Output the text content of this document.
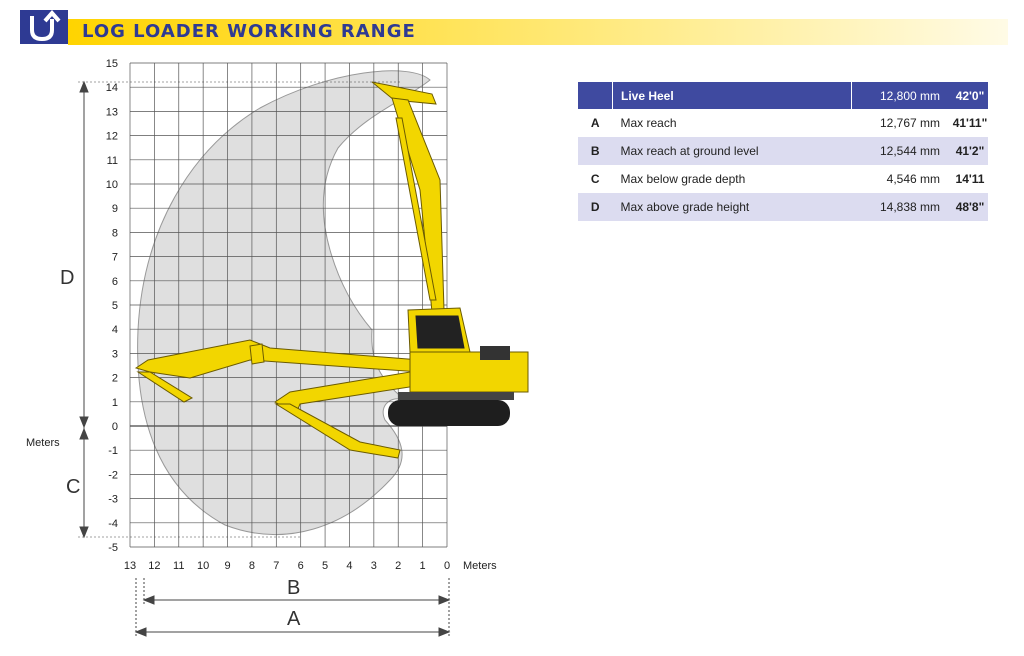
LOG LOADER WORKING RANGE
15
14
13
12
11
10
9
8
7
6
5
4
3
2
1
0
-1
-2
-3
-4
-5
13 12 11 10 9 8 7 6 5 4 3 2 1 0
D
C
B
A
Meters
Meters
	Live Heel	12,800 mm	42'0"
A	Max reach	12,767 mm	41'11"
B	Max reach at ground level	12,544 mm	41'2"
C	Max below grade depth	4,546 mm	14'11
D	Max above grade height	14,838 mm	48'8"
